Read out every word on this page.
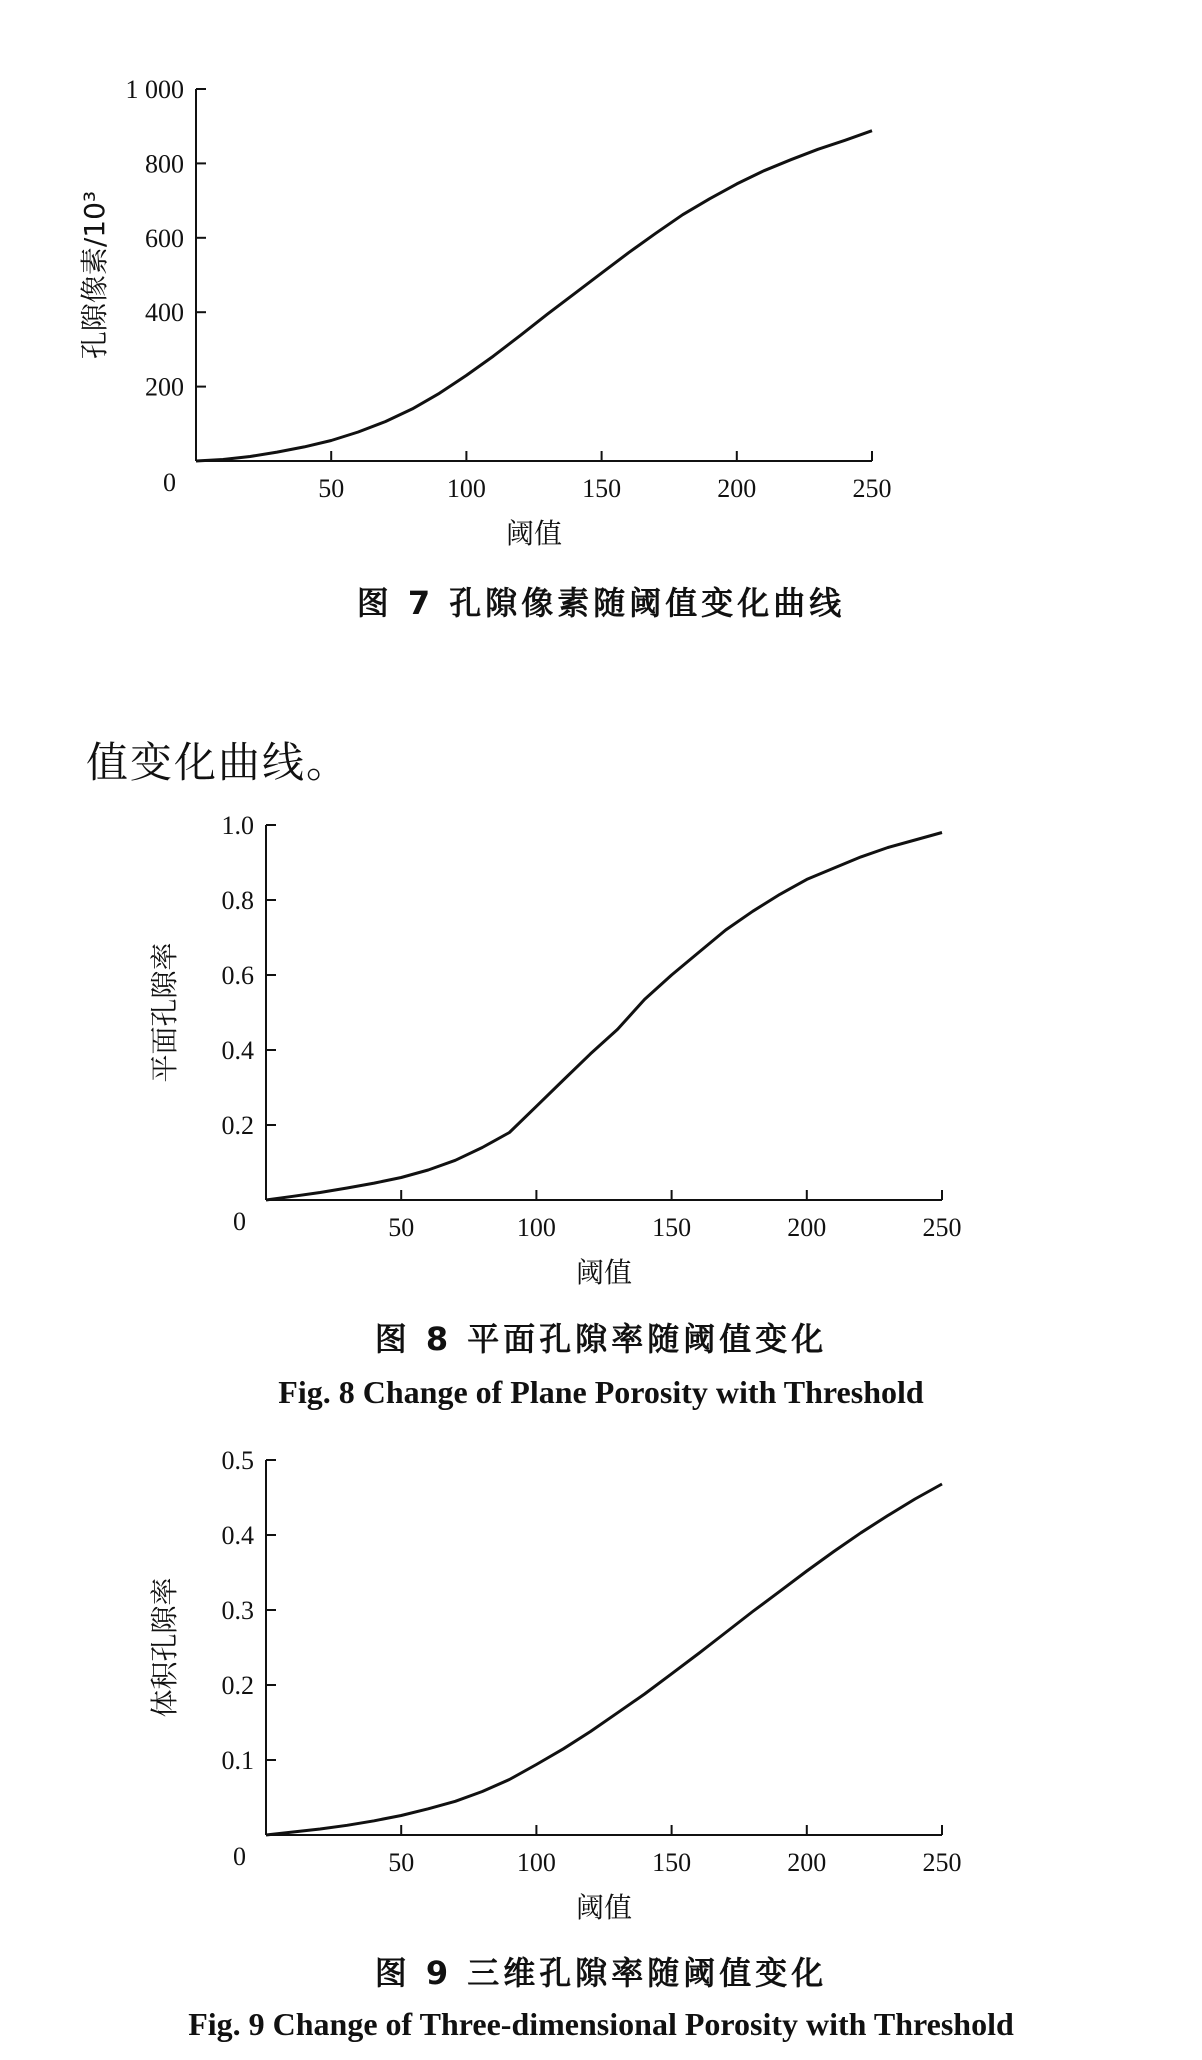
200
400
600
800
1 000
50	100	150	200	250
0
阈值
孔隙像素/10³
0.2
0.4
0.6
0.8
1.0
50	100	150	200	250
0
阈值
平面孔隙率
0.1
0.2
0.3
0.4
0.5
50	100	150	200	250
0
阈值
体积孔隙率
图 7 孔隙像素随阈值变化曲线
值变化曲线。
图 8 平面孔隙率随阈值变化
Fig. 8 Change of Plane Porosity with Threshold
图 9 三维孔隙率随阈值变化
Fig. 9 Change of Three-dimensional Porosity with Threshold
